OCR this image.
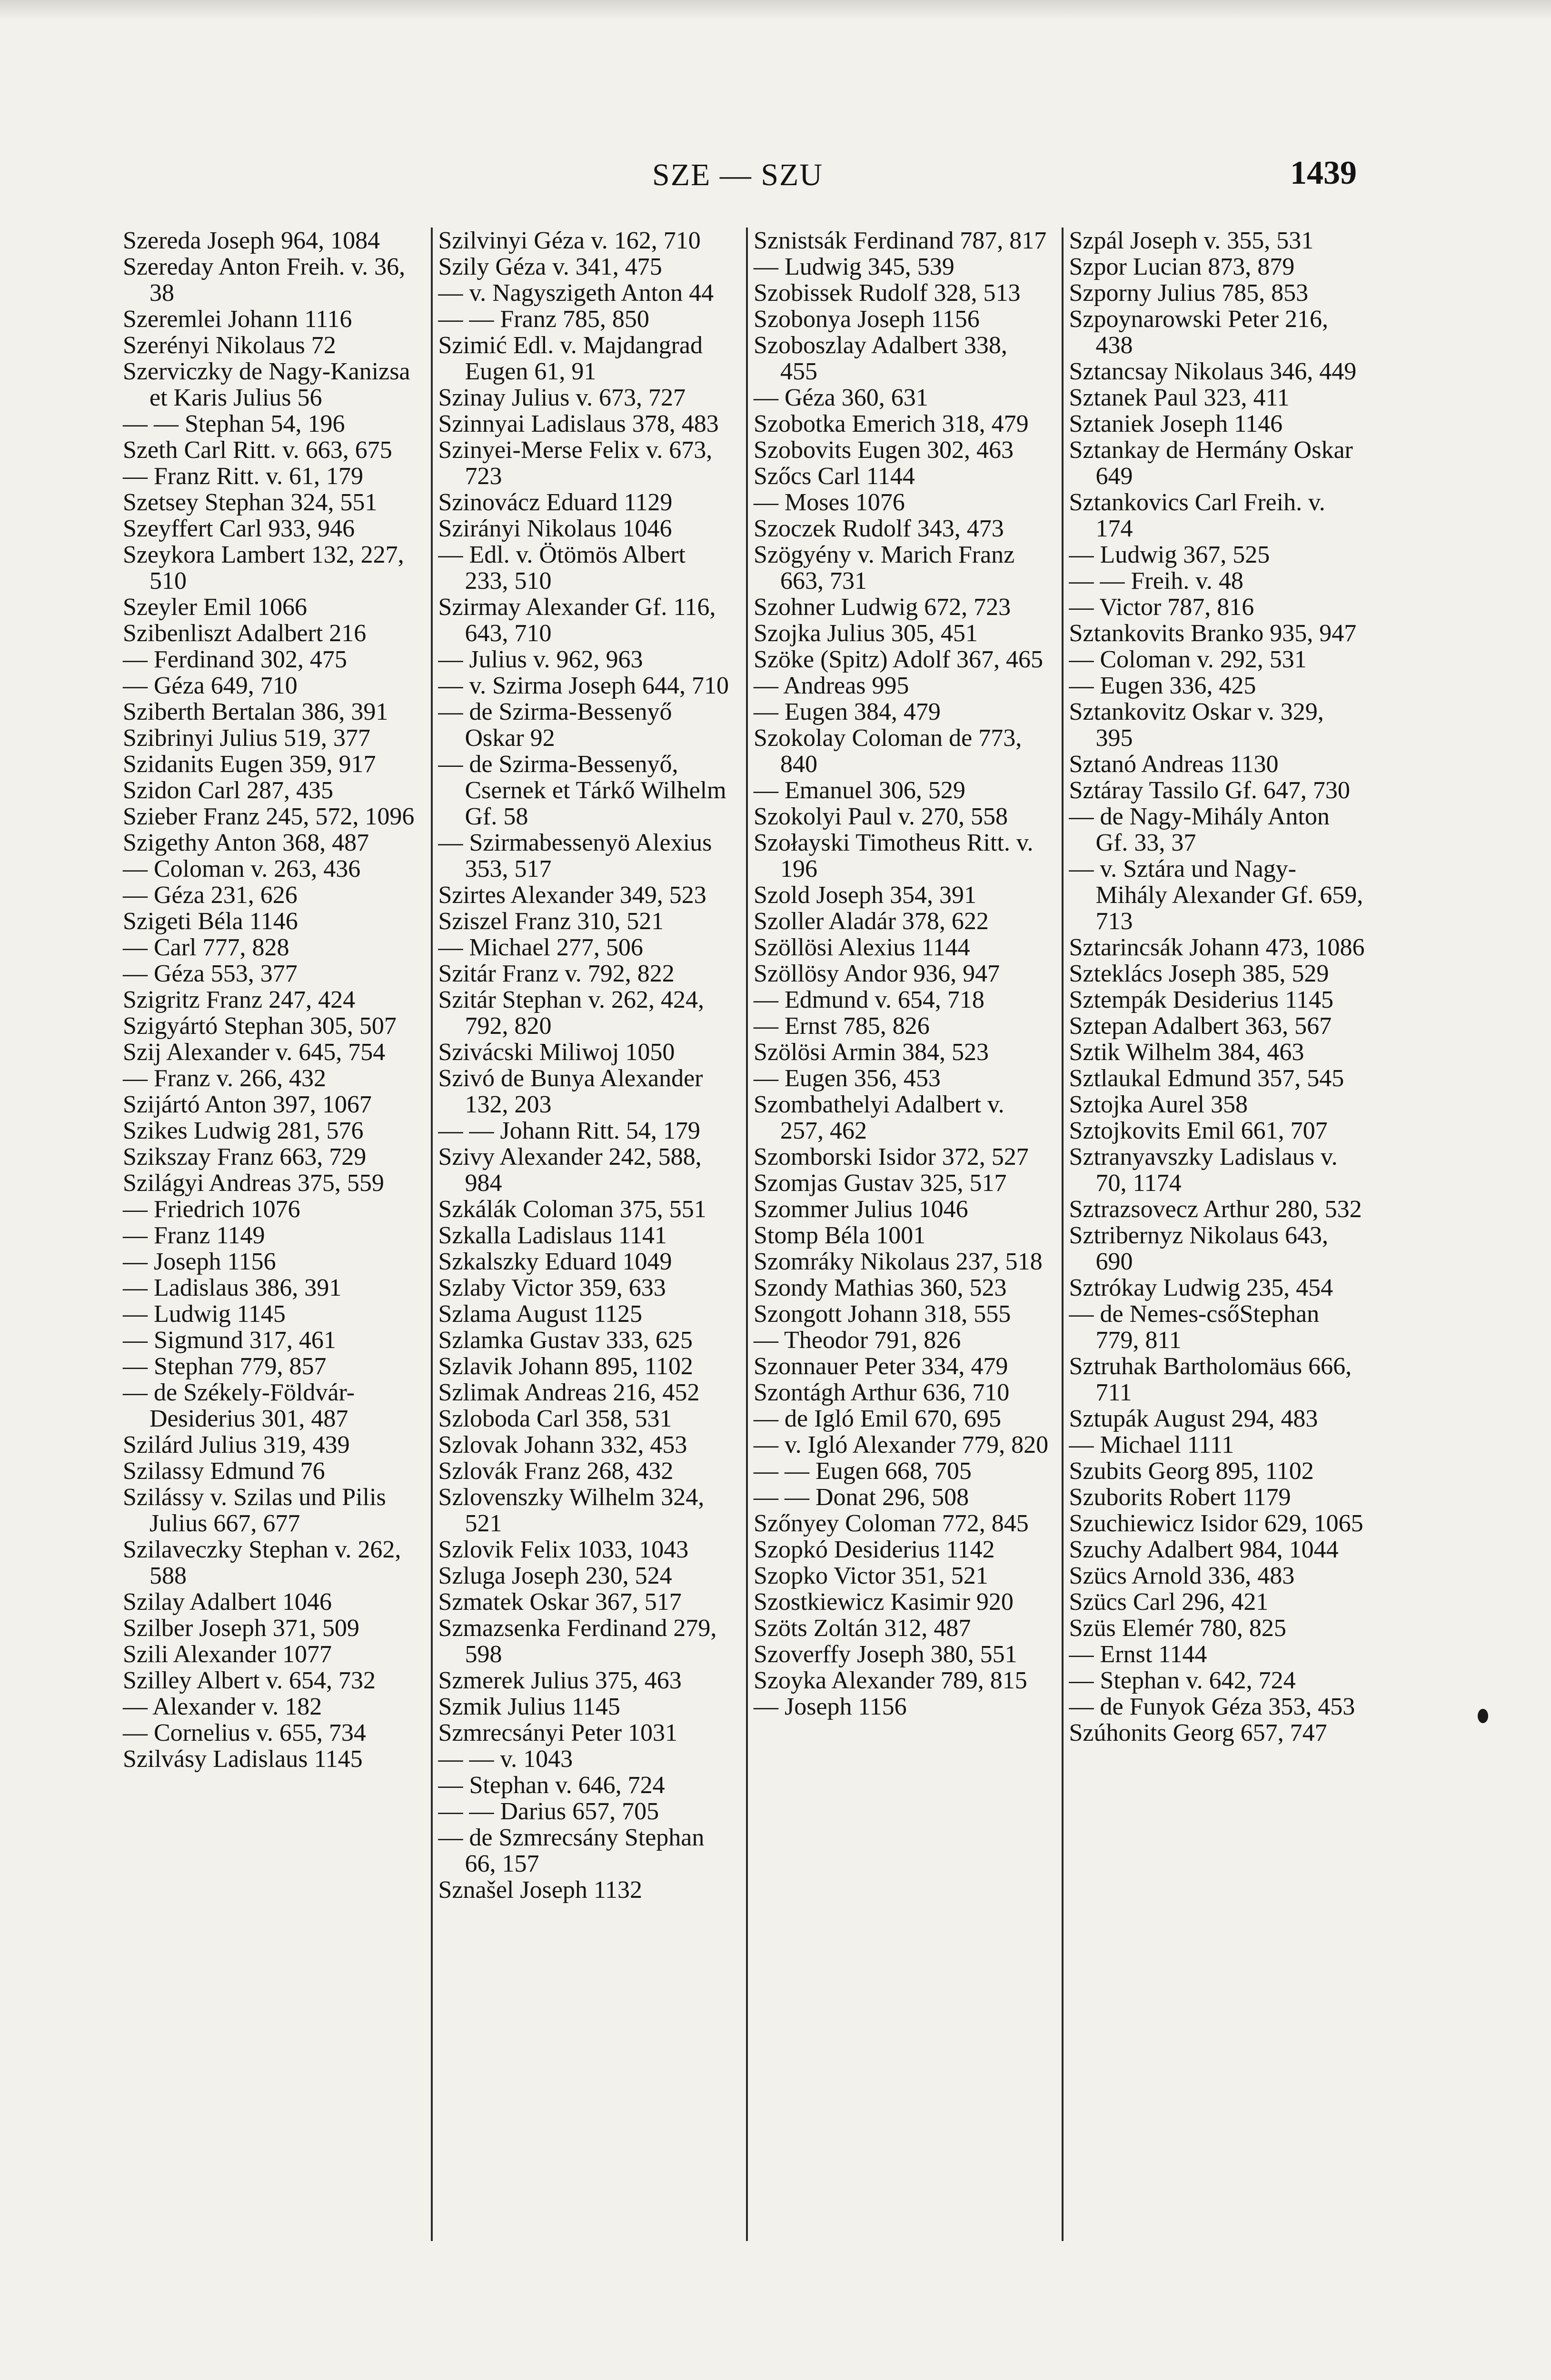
SZE — SZU	1439
Szereda Joseph 964, 1084
Szereday Anton Freih. v. 36, 38
Szeremlei Johann 1116
Szerényi Nikolaus 72
Szerviczky de Nagy-Kanizsa et Karis Julius 56
— — Stephan 54, 196
Szeth Carl Ritt. v. 663, 675
— Franz Ritt. v. 61, 179
Szetsey Stephan 324, 551
Szeyffert Carl 933, 946
Szeykora Lambert 132, 227, 510
Szeyler Emil 1066
Szibenliszt Adalbert 216
— Ferdinand 302, 475
— Géza 649, 710
Sziberth Bertalan 386, 391
Szibrinyi Julius 519, 377
Szidanits Eugen 359, 917
Szidon Carl 287, 435
Szieber Franz 245, 572, 1096
Szigethy Anton 368, 487
— Coloman v. 263, 436
— Géza 231, 626
Szigeti Béla 1146
— Carl 777, 828
— Géza 553, 377
Szigritz Franz 247, 424
Szigyártó Stephan 305, 507
Szij Alexander v. 645, 754
— Franz v. 266, 432
Szijártó Anton 397, 1067
Szikes Ludwig 281, 576
Szikszay Franz 663, 729
Szilágyi Andreas 375, 559
— Friedrich 1076
— Franz 1149
— Joseph 1156
— Ladislaus 386, 391
— Ludwig 1145
— Sigmund 317, 461
— Stephan 779, 857
— de Székely-Földvár-Desiderius 301, 487
Szilárd Julius 319, 439
Szilassy Edmund 76
Szilássy v. Szilas und Pilis Julius 667, 677
Szilaveczky Stephan v. 262, 588
Szilay Adalbert 1046
Szilber Joseph 371, 509
Szili Alexander 1077
Szilley Albert v. 654, 732
— Alexander v. 182
— Cornelius v. 655, 734
Szilvásy Ladislaus 1145
Szilvinyi Géza v. 162, 710
Szily Géza v. 341, 475
— v. Nagyszigeth Anton 44
— — Franz 785, 850
Szimić Edl. v. Majdangrad Eugen 61, 91
Szinay Julius v. 673, 727
Szinnyai Ladislaus 378, 483
Szinyei-Merse Felix v. 673, 723
Szinovácz Eduard 1129
Szirányi Nikolaus 1046
— Edl. v. Ötömös Albert 233, 510
Szirmay Alexander Gf. 116, 643, 710
— Julius v. 962, 963
— v. Szirma Joseph 644, 710
— de Szirma-Bessenyő Oskar 92
— de Szirma-Bessenyő, Csernek et Tárkő Wilhelm Gf. 58
— Szirmabessenyö Alexius 353, 517
Szirtes Alexander 349, 523
Sziszel Franz 310, 521
— Michael 277, 506
Szitár Franz v. 792, 822
Szitár Stephan v. 262, 424, 792, 820
Szivácski Miliwoj 1050
Szivó de Bunya Alexander 132, 203
— — Johann Ritt. 54, 179
Szivy Alexander 242, 588, 984
Szkálák Coloman 375, 551
Szkalla Ladislaus 1141
Szkalszky Eduard 1049
Szlaby Victor 359, 633
Szlama August 1125
Szlamka Gustav 333, 625
Szlavik Johann 895, 1102
Szlimak Andreas 216, 452
Szloboda Carl 358, 531
Szlovak Johann 332, 453
Szlovák Franz 268, 432
Szlovenszky Wilhelm 324, 521
Szlovik Felix 1033, 1043
Szluga Joseph 230, 524
Szmatek Oskar 367, 517
Szmazsenka Ferdinand 279, 598
Szmerek Julius 375, 463
Szmik Julius 1145
Szmrecsányi Peter 1031
— — v. 1043
— Stephan v. 646, 724
— — Darius 657, 705
— de Szmrecsány Stephan 66, 157
Sznašel Joseph 1132
Sznistsák Ferdinand 787, 817
— Ludwig 345, 539
Szobissek Rudolf 328, 513
Szobonya Joseph 1156
Szoboszlay Adalbert 338, 455
— Géza 360, 631
Szobotka Emerich 318, 479
Szobovits Eugen 302, 463
Szőcs Carl 1144
— Moses 1076
Szoczek Rudolf 343, 473
Szögyény v. Marich Franz 663, 731
Szohner Ludwig 672, 723
Szojka Julius 305, 451
Szöke (Spitz) Adolf 367, 465
— Andreas 995
— Eugen 384, 479
Szokolay Coloman de 773, 840
— Emanuel 306, 529
Szokolyi Paul v. 270, 558
Szołayski Timotheus Ritt. v. 196
Szold Joseph 354, 391
Szoller Aladár 378, 622
Szöllösi Alexius 1144
Szöllösy Andor 936, 947
— Edmund v. 654, 718
— Ernst 785, 826
Szölösi Armin 384, 523
— Eugen 356, 453
Szombathelyi Adalbert v. 257, 462
Szomborski Isidor 372, 527
Szomjas Gustav 325, 517
Szommer Julius 1046
Stomp Béla 1001
Szomráky Nikolaus 237, 518
Szondy Mathias 360, 523
Szongott Johann 318, 555
— Theodor 791, 826
Szonnauer Peter 334, 479
Szontágh Arthur 636, 710
— de Igló Emil 670, 695
— v. Igló Alexander 779, 820
— — Eugen 668, 705
— — Donat 296, 508
Szőnyey Coloman 772, 845
Szopkó Desiderius 1142
Szopko Victor 351, 521
Szostkiewicz Kasimir 920
Szöts Zoltán 312, 487
Szoverffy Joseph 380, 551
Szoyka Alexander 789, 815
— Joseph 1156
Szpál Joseph v. 355, 531
Szpor Lucian 873, 879
Szporny Julius 785, 853
Szpoynarowski Peter 216, 438
Sztancsay Nikolaus 346, 449
Sztanek Paul 323, 411
Sztaniek Joseph 1146
Sztankay de Hermány Oskar 649
Sztankovics Carl Freih. v. 174
— Ludwig 367, 525
— — Freih. v. 48
— Victor 787, 816
Sztankovits Branko 935, 947
— Coloman v. 292, 531
— Eugen 336, 425
Sztankovitz Oskar v. 329, 395
Sztanó Andreas 1130
Sztáray Tassilo Gf. 647, 730
— de Nagy-Mihály Anton Gf. 33, 37
— v. Sztára und Nagy-Mihály Alexander Gf. 659, 713
Sztarincsák Johann 473, 1086
Szteklács Joseph 385, 529
Sztempák Desiderius 1145
Sztepan Adalbert 363, 567
Sztik Wilhelm 384, 463
Sztlaukal Edmund 357, 545
Sztojka Aurel 358
Sztojkovits Emil 661, 707
Sztranyavszky Ladislaus v. 70, 1174
Sztrazsovecz Arthur 280, 532
Sztribernyz Nikolaus 643, 690
Sztrókay Ludwig 235, 454
— de Nemes-csőStephan 779, 811
Sztruhak Bartholomäus 666, 711
Sztupák August 294, 483
— Michael 1111
Szubits Georg 895, 1102
Szuborits Robert 1179
Szuchiewicz Isidor 629, 1065
Szuchy Adalbert 984, 1044
Szücs Arnold 336, 483
Szücs Carl 296, 421
Szüs Elemér 780, 825
— Ernst 1144
— Stephan v. 642, 724
— de Funyok Géza 353, 453
Szúhonits Georg 657, 747
